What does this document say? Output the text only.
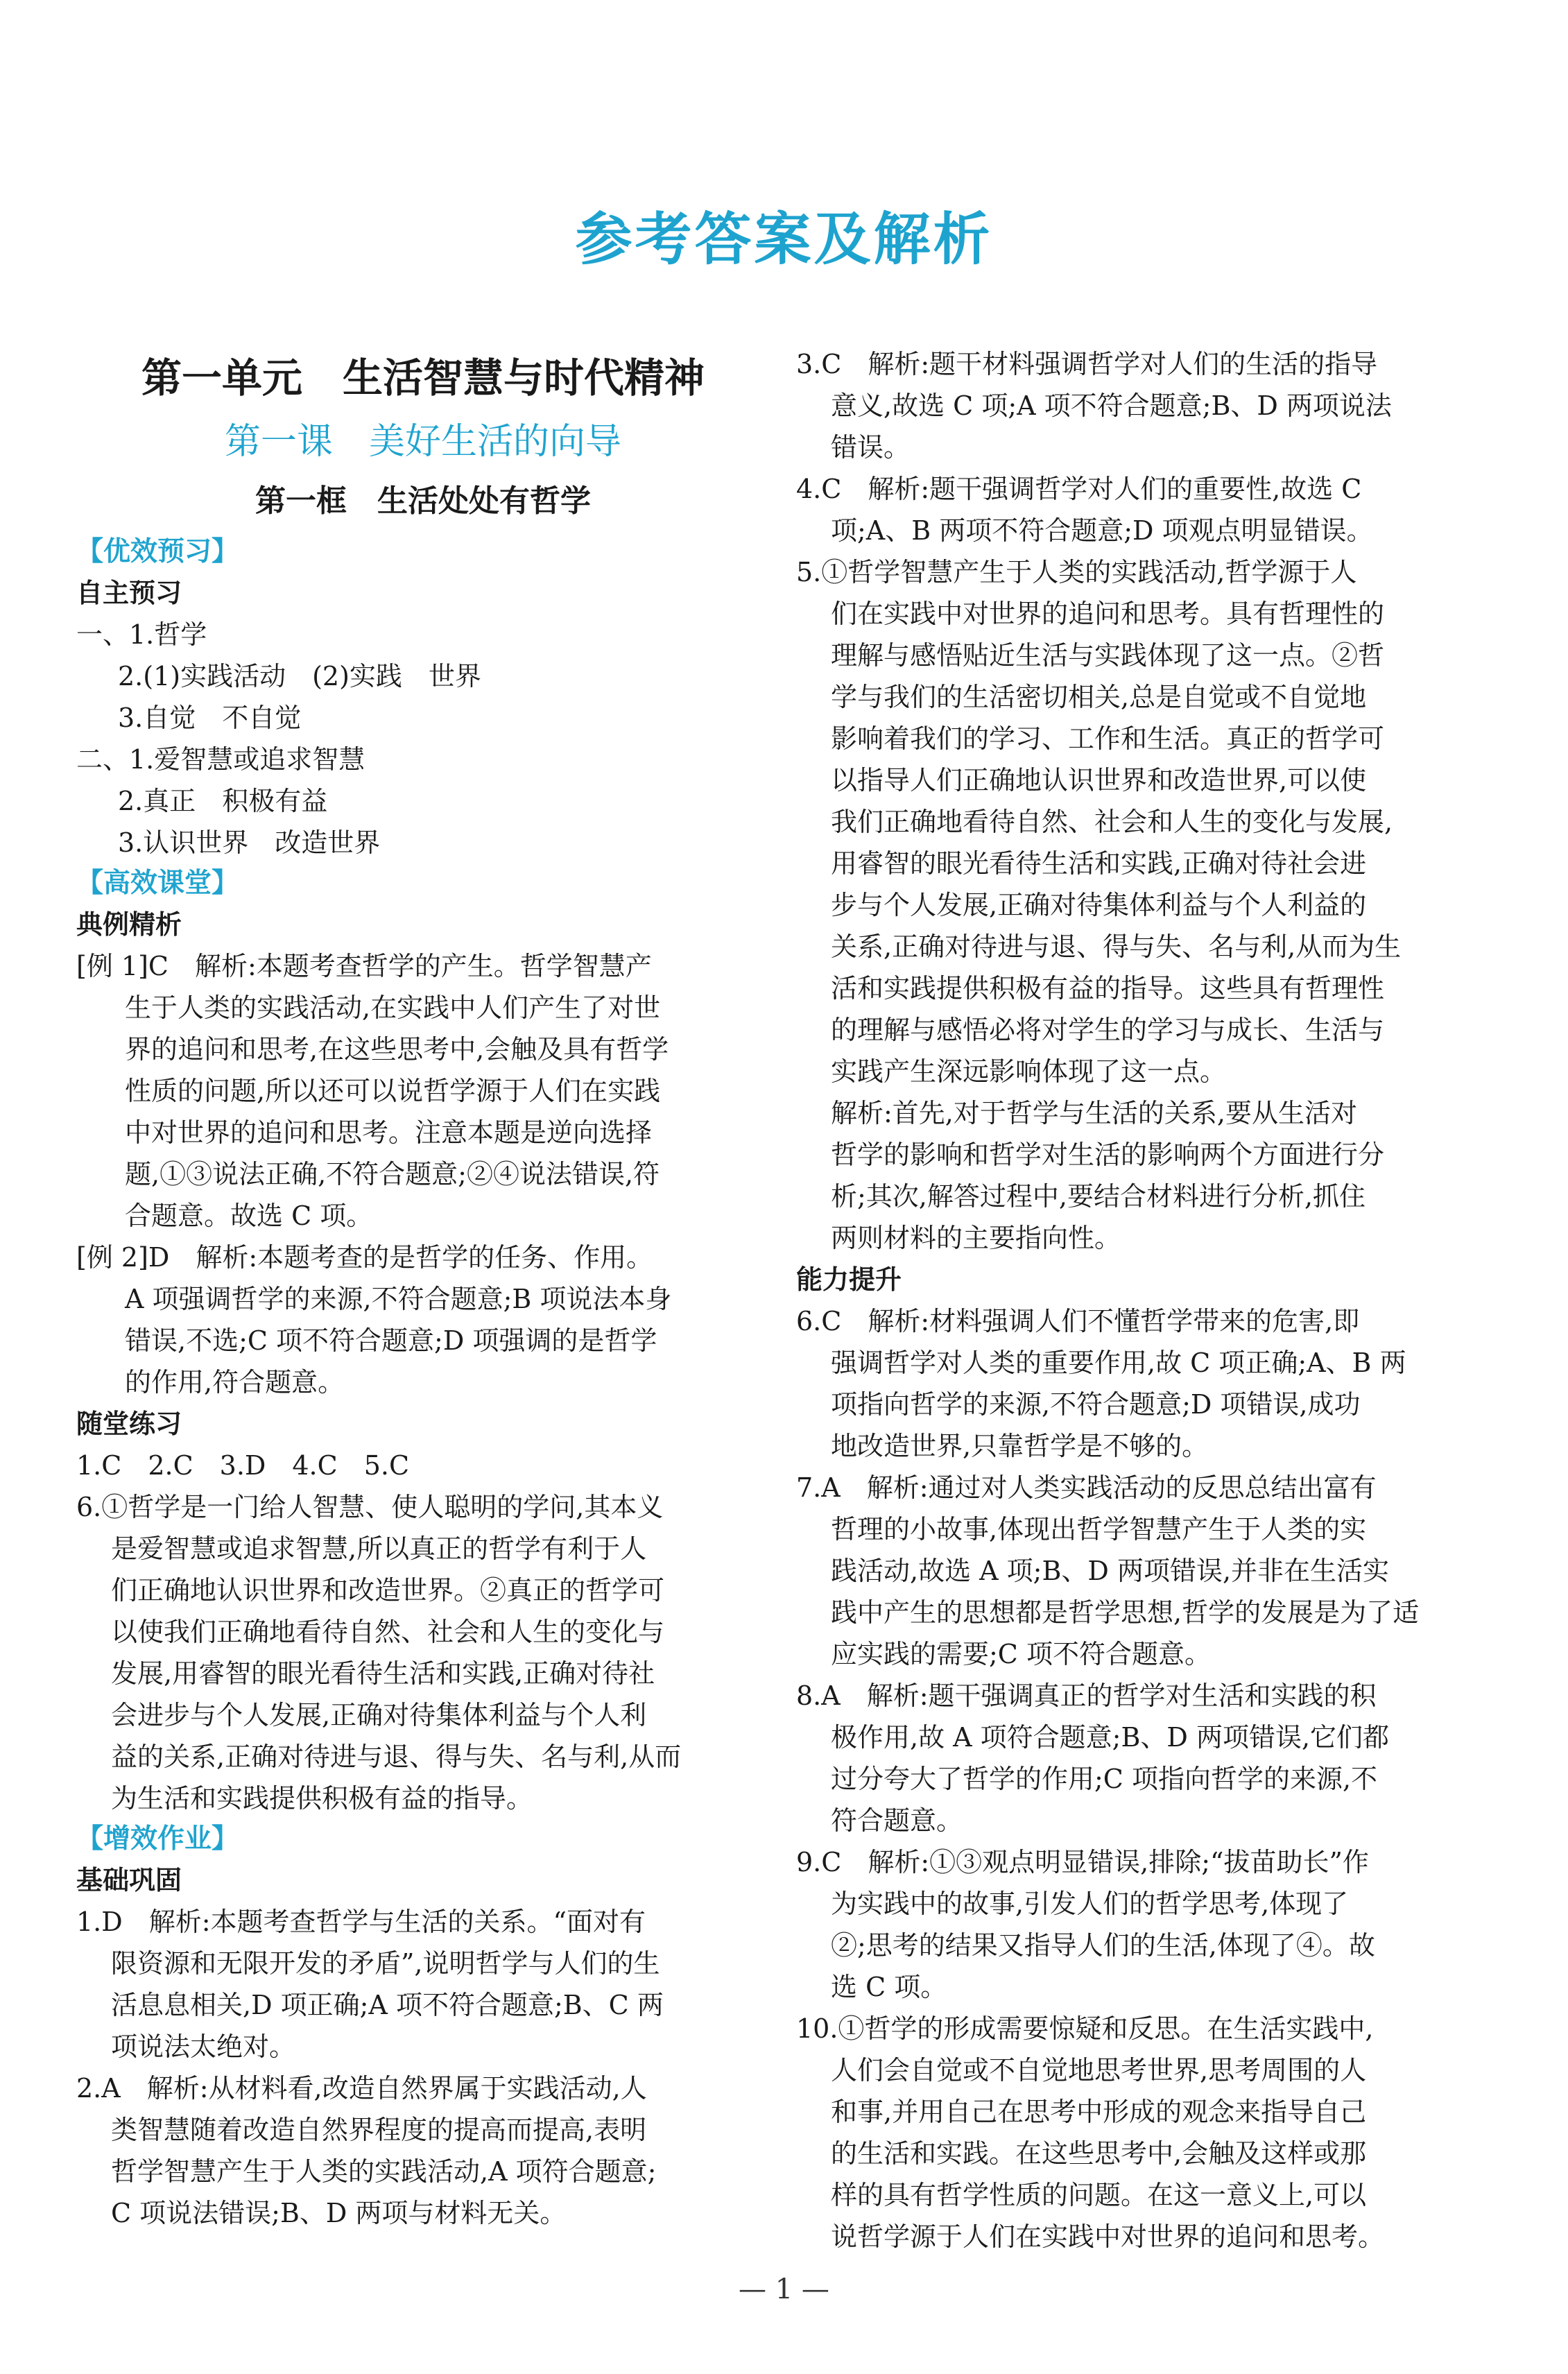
参考答案及解析
第一单元　生活智慧与时代精神
第一课　美好生活的向导
第一框　生活处处有哲学
【优效预习】
自主预习
一、1.哲学
2.(1)实践活动　(2)实践　世界
3.自觉　不自觉
二、1.爱智慧或追求智慧
2.真正　积极有益
3.认识世界　改造世界
【高效课堂】
典例精析
[例 1]C　解析:本题考查哲学的产生。哲学智慧产
生于人类的实践活动,在实践中人们产生了对世
界的追问和思考,在这些思考中,会触及具有哲学
性质的问题,所以还可以说哲学源于人们在实践
中对世界的追问和思考。注意本题是逆向选择
题,①③说法正确,不符合题意;②④说法错误,符
合题意。故选 C 项。
[例 2]D　解析:本题考查的是哲学的任务、作用。
A 项强调哲学的来源,不符合题意;B 项说法本身
错误,不选;C 项不符合题意;D 项强调的是哲学
的作用,符合题意。
随堂练习
1.C　2.C　3.D　4.C　5.C
6.①哲学是一门给人智慧、使人聪明的学问,其本义
是爱智慧或追求智慧,所以真正的哲学有利于人
们正确地认识世界和改造世界。②真正的哲学可
以使我们正确地看待自然、社会和人生的变化与
发展,用睿智的眼光看待生活和实践,正确对待社
会进步与个人发展,正确对待集体利益与个人利
益的关系,正确对待进与退、得与失、名与利,从而
为生活和实践提供积极有益的指导。
【增效作业】
基础巩固
1.D　解析:本题考查哲学与生活的关系。“面对有
限资源和无限开发的矛盾”,说明哲学与人们的生
活息息相关,D 项正确;A 项不符合题意;B、C 两
项说法太绝对。
2.A　解析:从材料看,改造自然界属于实践活动,人
类智慧随着改造自然界程度的提高而提高,表明
哲学智慧产生于人类的实践活动,A 项符合题意;
C 项说法错误;B、D 两项与材料无关。
3.C　解析:题干材料强调哲学对人们的生活的指导
意义,故选 C 项;A 项不符合题意;B、D 两项说法
错误。
4.C　解析:题干强调哲学对人们的重要性,故选 C
项;A、B 两项不符合题意;D 项观点明显错误。
5.①哲学智慧产生于人类的实践活动,哲学源于人
们在实践中对世界的追问和思考。具有哲理性的
理解与感悟贴近生活与实践体现了这一点。②哲
学与我们的生活密切相关,总是自觉或不自觉地
影响着我们的学习、工作和生活。真正的哲学可
以指导人们正确地认识世界和改造世界,可以使
我们正确地看待自然、社会和人生的变化与发展,
用睿智的眼光看待生活和实践,正确对待社会进
步与个人发展,正确对待集体利益与个人利益的
关系,正确对待进与退、得与失、名与利,从而为生
活和实践提供积极有益的指导。这些具有哲理性
的理解与感悟必将对学生的学习与成长、生活与
实践产生深远影响体现了这一点。
解析:首先,对于哲学与生活的关系,要从生活对
哲学的影响和哲学对生活的影响两个方面进行分
析;其次,解答过程中,要结合材料进行分析,抓住
两则材料的主要指向性。
能力提升
6.C　解析:材料强调人们不懂哲学带来的危害,即
强调哲学对人类的重要作用,故 C 项正确;A、B 两
项指向哲学的来源,不符合题意;D 项错误,成功
地改造世界,只靠哲学是不够的。
7.A　解析:通过对人类实践活动的反思总结出富有
哲理的小故事,体现出哲学智慧产生于人类的实
践活动,故选 A 项;B、D 两项错误,并非在生活实
践中产生的思想都是哲学思想,哲学的发展是为了适
应实践的需要;C 项不符合题意。
8.A　解析:题干强调真正的哲学对生活和实践的积
极作用,故 A 项符合题意;B、D 两项错误,它们都
过分夸大了哲学的作用;C 项指向哲学的来源,不
符合题意。
9.C　解析:①③观点明显错误,排除;“拔苗助长”作
为实践中的故事,引发人们的哲学思考,体现了
②;思考的结果又指导人们的生活,体现了④。故
选 C 项。
10.①哲学的形成需要惊疑和反思。在生活实践中,
人们会自觉或不自觉地思考世界,思考周围的人
和事,并用自己在思考中形成的观念来指导自己
的生活和实践。在这些思考中,会触及这样或那
样的具有哲学性质的问题。在这一意义上,可以
说哲学源于人们在实践中对世界的追问和思考。
— 1 —
